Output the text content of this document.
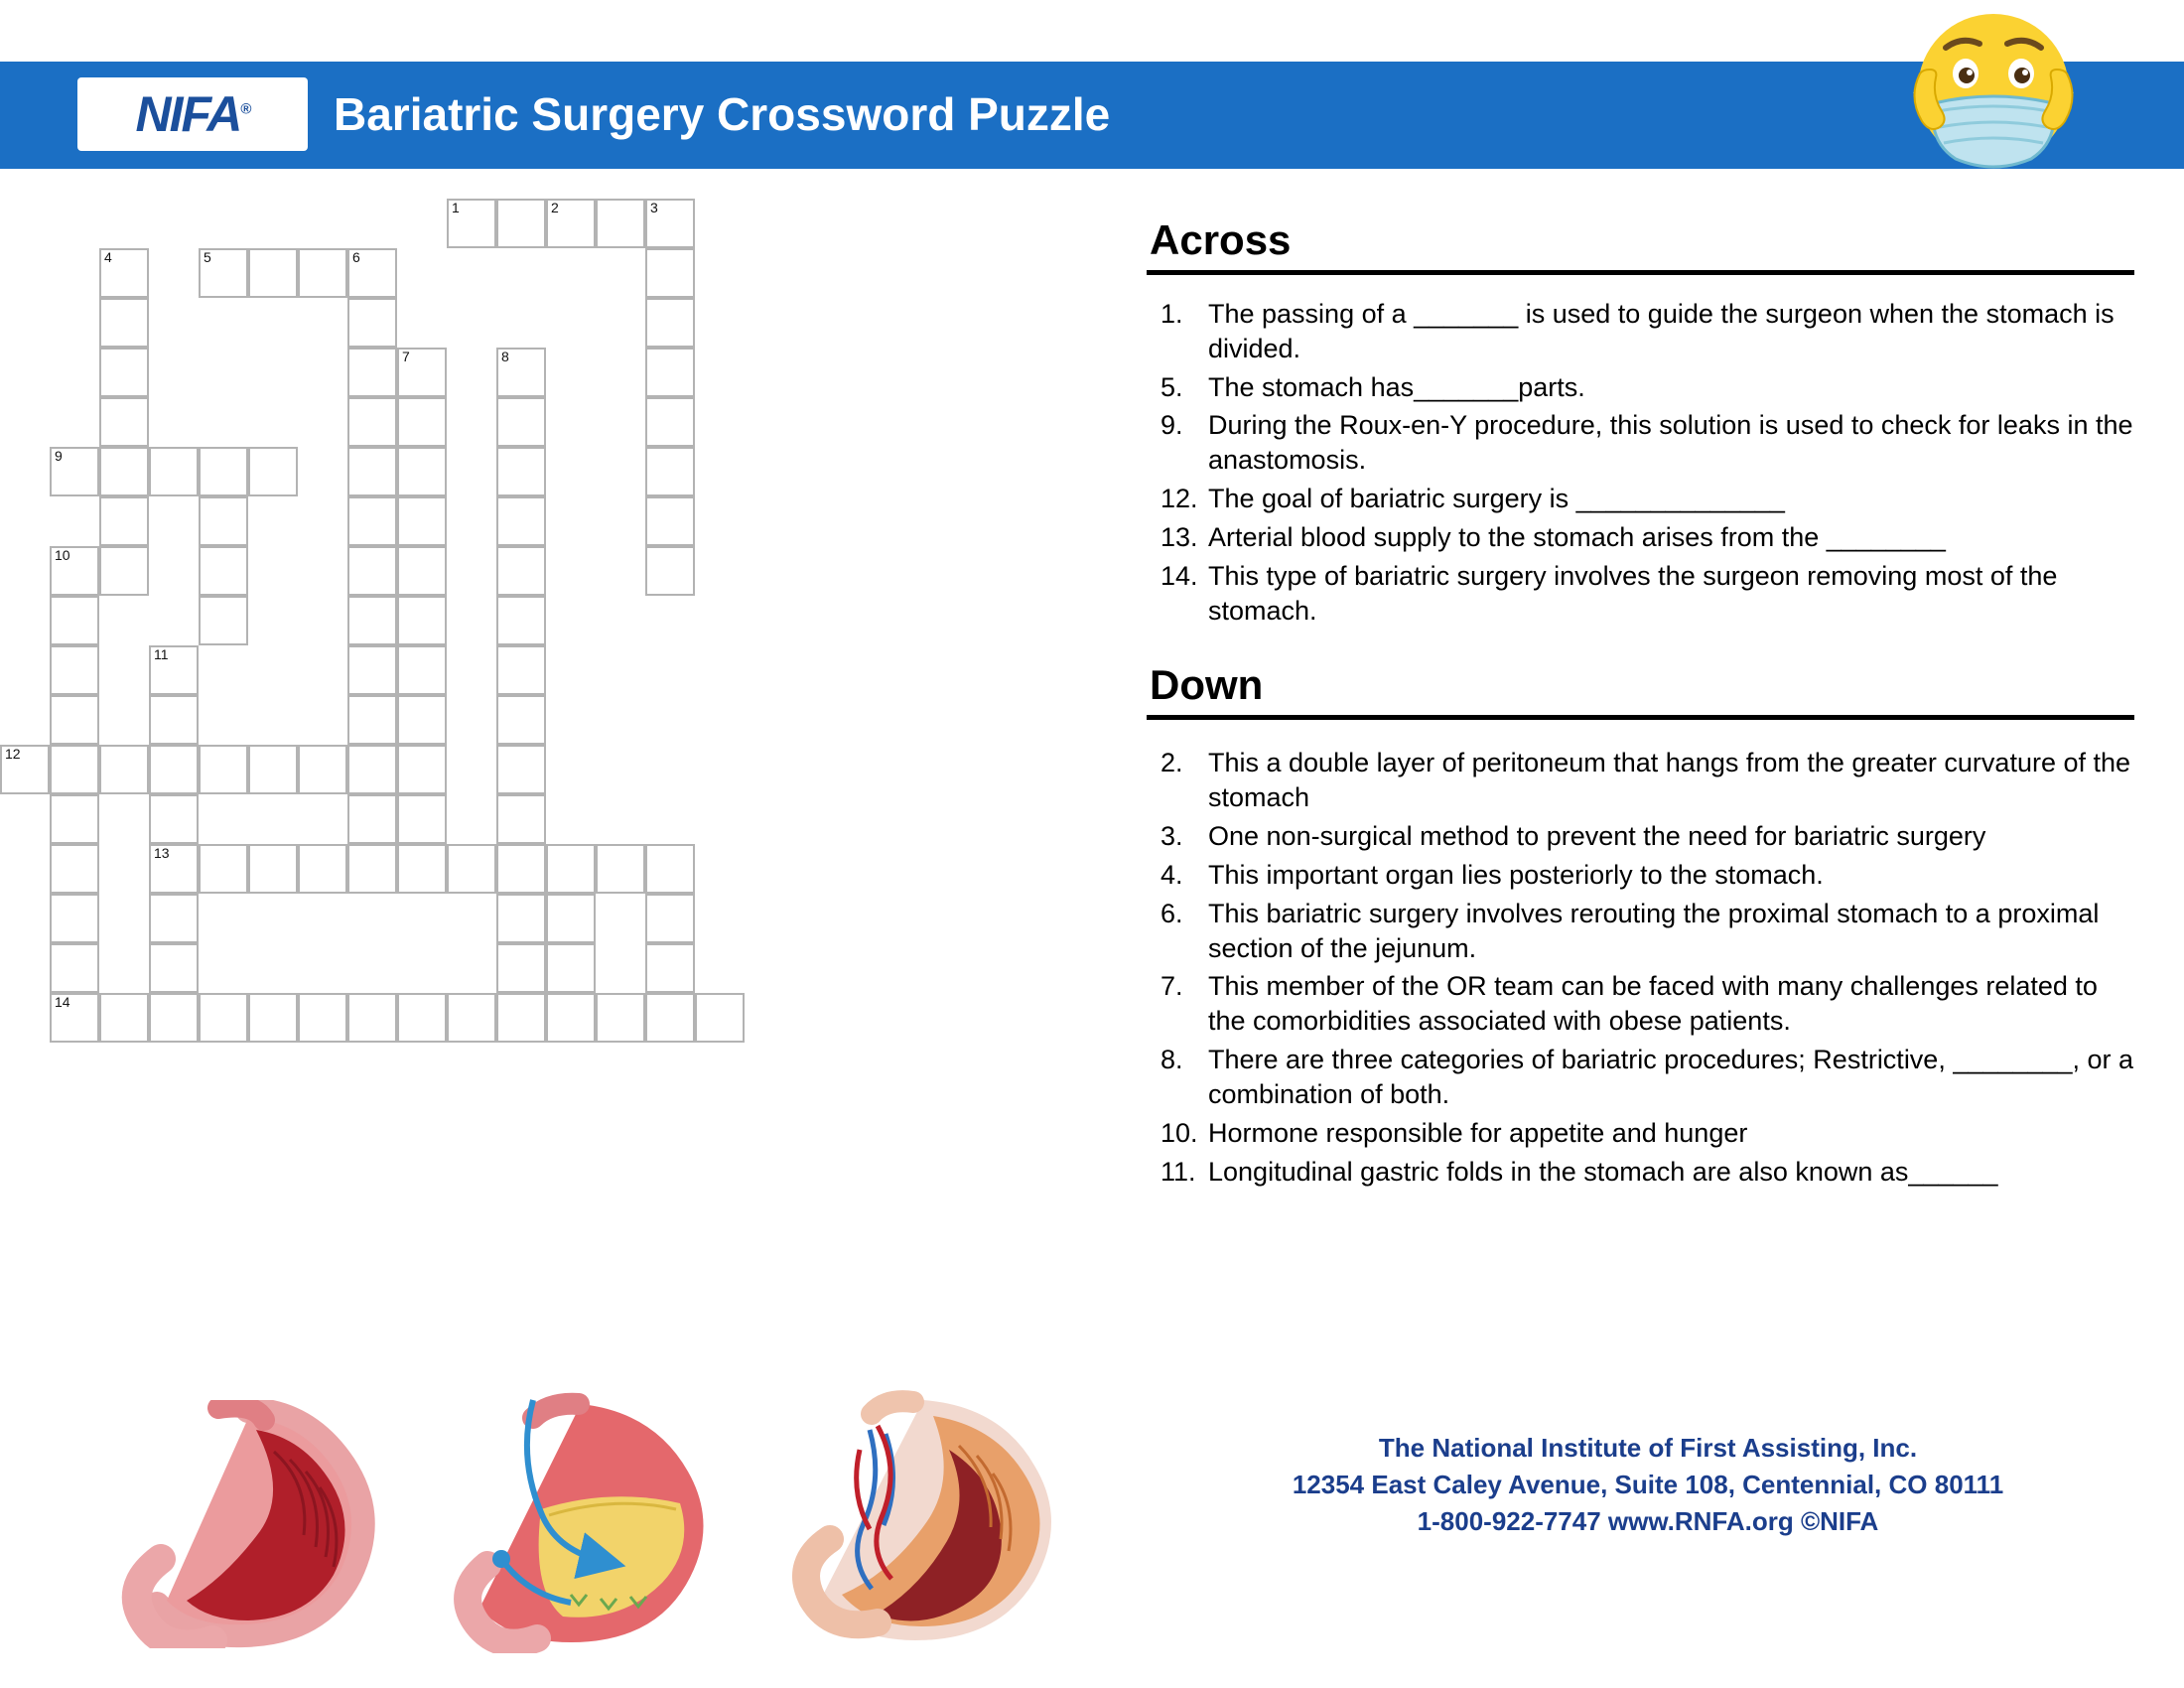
NIFA® Bariatric Surgery Crossword Puzzle
1	2	3
4	5	6
7	8
9
10
11
12
13
14
Across
1. The passing of a _______ is used to guide the surgeon when the stomach is divided.
5. The stomach has_______parts.
9. During the Roux-en-Y procedure, this solution is used to check for leaks in the anastomosis.
12. The goal of bariatric surgery is ______________
13. Arterial blood supply to the stomach arises from the ________
14. This type of bariatric surgery involves the surgeon removing most of the stomach.
Down
2. This a double layer of peritoneum that hangs from the greater curvature of the stomach
3. One non-surgical method to prevent the need for bariatric surgery
4. This important organ lies posteriorly to the stomach.
6. This bariatric surgery involves rerouting the proximal stomach to a proximal section of the jejunum.
7. This member of the OR team can be faced with many challenges related to the comorbidities associated with obese patients.
8. There are three categories of bariatric procedures; Restrictive, ________, or a combination of both.
10. Hormone responsible for appetite and hunger
11. Longitudinal gastric folds in the stomach are also known as______
The National Institute of First Assisting, Inc.
12354 East Caley Avenue, Suite 108, Centennial, CO 80111
1-800-922-7747 www.RNFA.org ©NIFA
